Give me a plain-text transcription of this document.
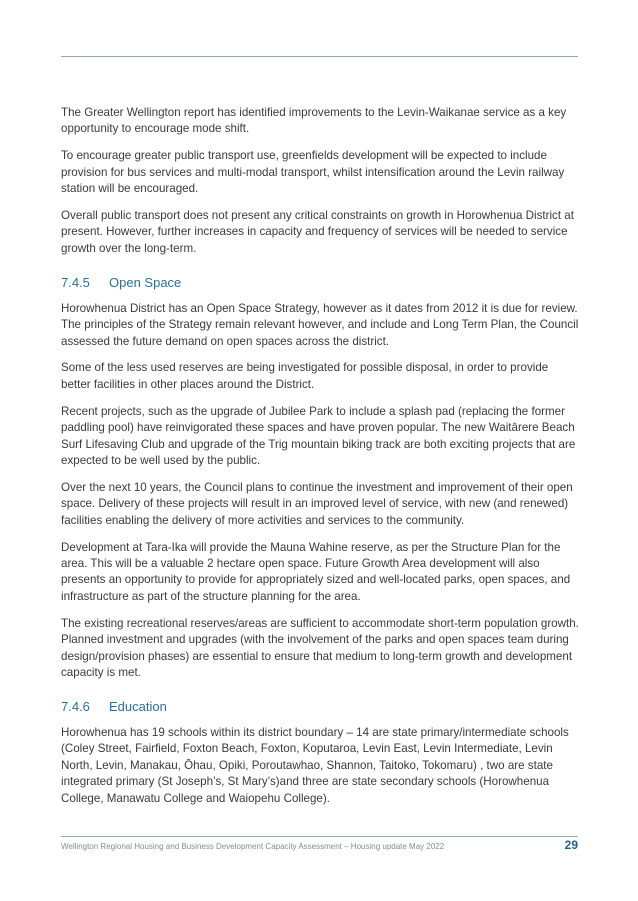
The Greater Wellington report has identified improvements to the Levin-Waikanae service as a key opportunity to encourage mode shift.

To encourage greater public transport use, greenfields development will be expected to include provision for bus services and multi-modal transport, whilst intensification around the Levin railway station will be encouraged.

Overall public transport does not present any critical constraints on growth in Horowhenua District at present. However, further increases in capacity and frequency of services will be needed to service growth over the long-term.

7.4.5 Open Space

Horowhenua District has an Open Space Strategy, however as it dates from 2012 it is due for review. The principles of the Strategy remain relevant however, and include and Long Term Plan, the Council assessed the future demand on open spaces across the district.

Some of the less used reserves are being investigated for possible disposal, in order to provide better facilities in other places around the District.

Recent projects, such as the upgrade of Jubilee Park to include a splash pad (replacing the former paddling pool) have reinvigorated these spaces and have proven popular. The new Waitārere Beach Surf Lifesaving Club and upgrade of the Trig mountain biking track are both exciting projects that are expected to be well used by the public.

Over the next 10 years, the Council plans to continue the investment and improvement of their open space. Delivery of these projects will result in an improved level of service, with new (and renewed) facilities enabling the delivery of more activities and services to the community.

Development at Tara-Ika will provide the Mauna Wahine reserve, as per the Structure Plan for the area. This will be a valuable 2 hectare open space. Future Growth Area development will also presents an opportunity to provide for appropriately sized and well-located parks, open spaces, and infrastructure as part of the structure planning for the area.

The existing recreational reserves/areas are sufficient to accommodate short-term population growth. Planned investment and upgrades (with the involvement of the parks and open spaces team during design/provision phases) are essential to ensure that medium to long-term growth and development capacity is met.

7.4.6 Education

Horowhenua has 19 schools within its district boundary – 14 are state primary/intermediate schools (Coley Street, Fairfield, Foxton Beach, Foxton, Koputaroa, Levin East, Levin Intermediate, Levin North, Levin, Manakau, Ōhau, Opiki, Poroutawhao, Shannon, Taitoko, Tokomaru) , two are state integrated primary (St Joseph’s, St Mary’s)and three are state secondary schools (Horowhenua College, Manawatu College and Waiopehu College).

Wellington Regional Housing and Business Development Capacity Assessment – Housing update May 2022	29
